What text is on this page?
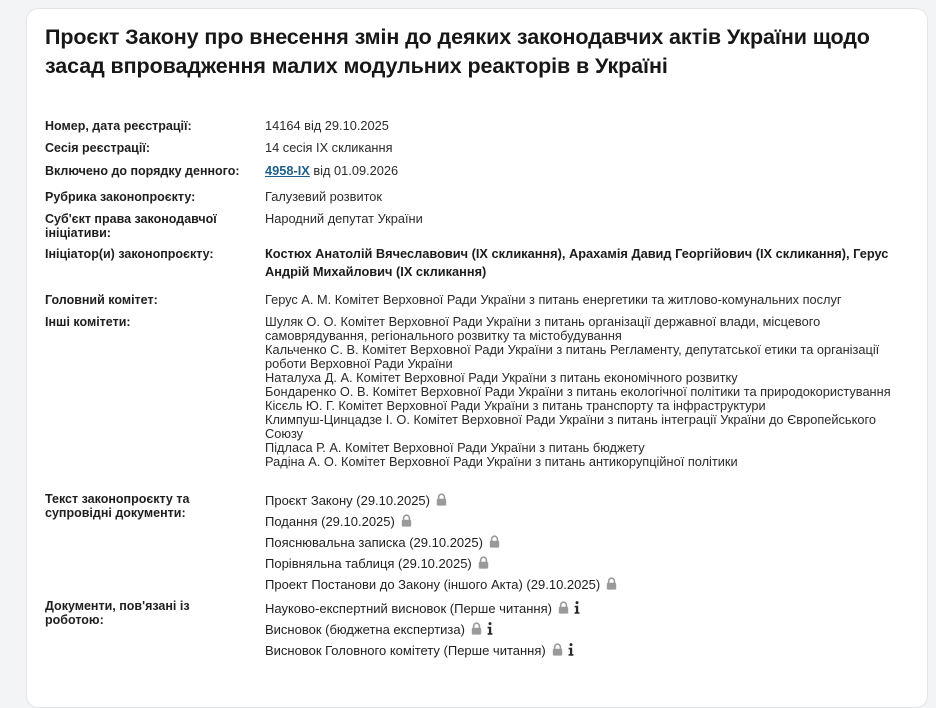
Проєкт Закону про внесення змін до деяких законодавчих актів України щодо засад впровадження малих модульних реакторів в Україні
Номер, дата реєстрації:	14164 від 29.10.2025
Сесія реєстрації:	14 сесія IX скликання
Включено до порядку денного:	4958-IX від 01.09.2026
Рубрика законопроєкту:	Галузевий розвиток
Суб'єкт права законодавчої ініціативи:
Народний депутат України
Ініціатор(и) законопроєкту:	Костюх Анатолій Вячеславович (IX скликання), Арахамія Давид Георгійович (IX скликання), Герус Андрій Михайлович (IX скликання)
Головний комітет:	Герус А. М. Комітет Верховної Ради України з питань енергетики та житлово-комунальних послуг
Інші комітети:	Шуляк О. О. Комітет Верховної Ради України з питань організації державної влади, місцевого самоврядування, регіонального розвитку та містобудування
Кальченко С. В. Комітет Верховної Ради України з питань Регламенту, депутатської етики та організації роботи Верховної Ради України
Наталуха Д. А. Комітет Верховної Ради України з питань економічного розвитку
Бондаренко О. В. Комітет Верховної Ради України з питань екологічної політики та природокористування
Кісєль Ю. Г. Комітет Верховної Ради України з питань транспорту та інфраструктури
Климпуш-Цинцадзе І. О. Комітет Верховної Ради України з питань інтеграції України до Європейського Союзу
Підласа Р. А. Комітет Верховної Ради України з питань бюджету
Радіна А. О. Комітет Верховної Ради України з питань антикорупційної політики
Текст законопроєкту та супровідні документи:
Проєкт Закону (29.10.2025)
Подання (29.10.2025)
Пояснювальна записка (29.10.2025)
Порівняльна таблиця (29.10.2025)
Проект Постанови до Закону (іншого Акта) (29.10.2025)
Документи, пов'язані із роботою:
Науково-експертний висновок (Перше читання)
Висновок (бюджетна експертиза)
Висновок Головного комітету (Перше читання)
